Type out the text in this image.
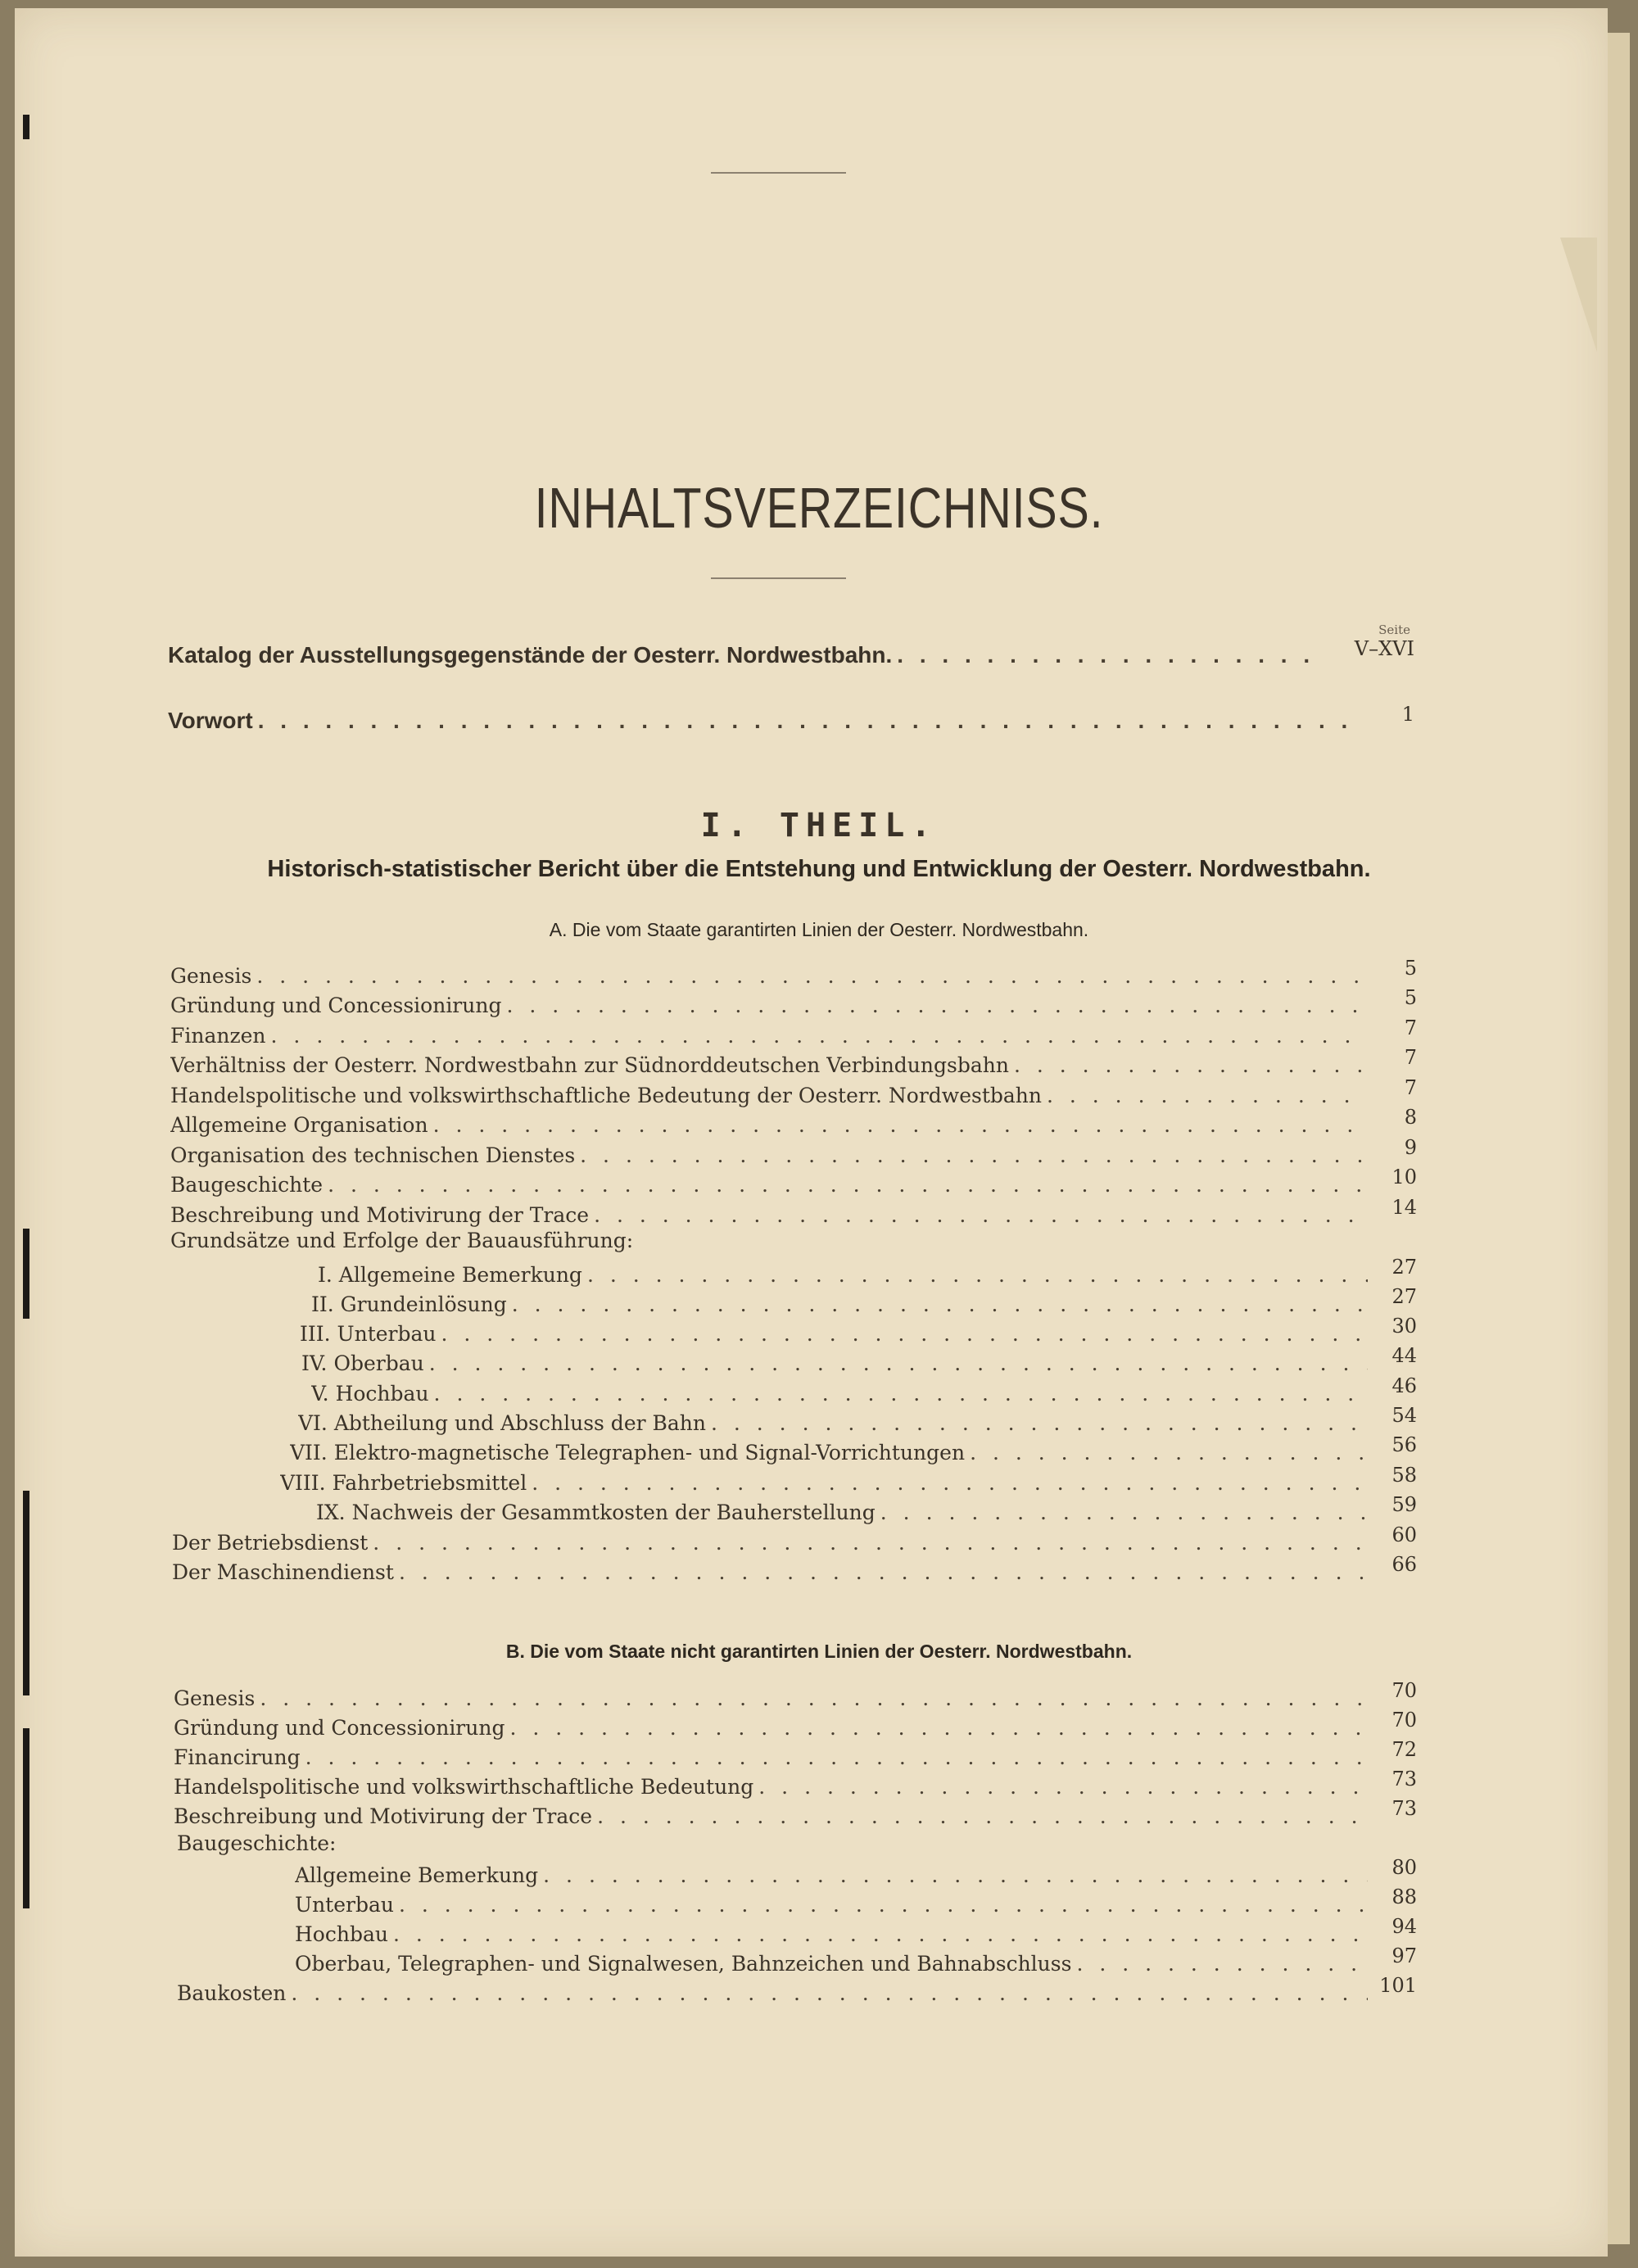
INHALTSVERZEICHNISS.
Seite
Katalog der Ausstellungsgegenstände der Oesterr. Nordwestbahn. . . .	V–XVI
Vorwort . . .	1
I. THEIL.
Historisch-statistischer Bericht über die Entstehung und Entwicklung der Oesterr. Nordwestbahn.
A. Die vom Staate garantirten Linien der Oesterr. Nordwestbahn.
Genesis . . .	5
Gründung und Concessionirung . . .	5
Finanzen . . .	7
Verhältniss der Oesterr. Nordwestbahn zur Südnorddeutschen Verbindungsbahn . . .	7
Handelspolitische und volkswirthschaftliche Bedeutung der Oesterr. Nordwestbahn . . .	7
Allgemeine Organisation . . .	8
Organisation des technischen Dienstes . . .	9
Baugeschichte . . .	10
Beschreibung und Motivirung der Trace . . .	14
Grundsätze und Erfolge der Bauausführung:
I. Allgemeine Bemerkung . . .	27
II. Grundeinlösung . . .	27
III. Unterbau . . .	30
IV. Oberbau . . .	44
V. Hochbau . . .	46
VI. Abtheilung und Abschluss der Bahn . . .	54
VII. Elektro-magnetische Telegraphen- und Signal-Vorrichtungen . . .	56
VIII. Fahrbetriebsmittel . . .	58
IX. Nachweis der Gesammtkosten der Bauherstellung . . .	59
Der Betriebsdienst . . .	60
Der Maschinendienst . . .	66
B. Die vom Staate nicht garantirten Linien der Oesterr. Nordwestbahn.
Genesis . . .	70
Gründung und Concessionirung . . .	70
Financirung . . .	72
Handelspolitische und volkswirthschaftliche Bedeutung . . .	73
Beschreibung und Motivirung der Trace . . .	73
Baugeschichte:
Allgemeine Bemerkung . . .	80
Unterbau . . .	88
Hochbau . . .	94
Oberbau, Telegraphen- und Signalwesen, Bahnzeichen und Bahnabschluss . . .	97
Baukosten . . .	101
